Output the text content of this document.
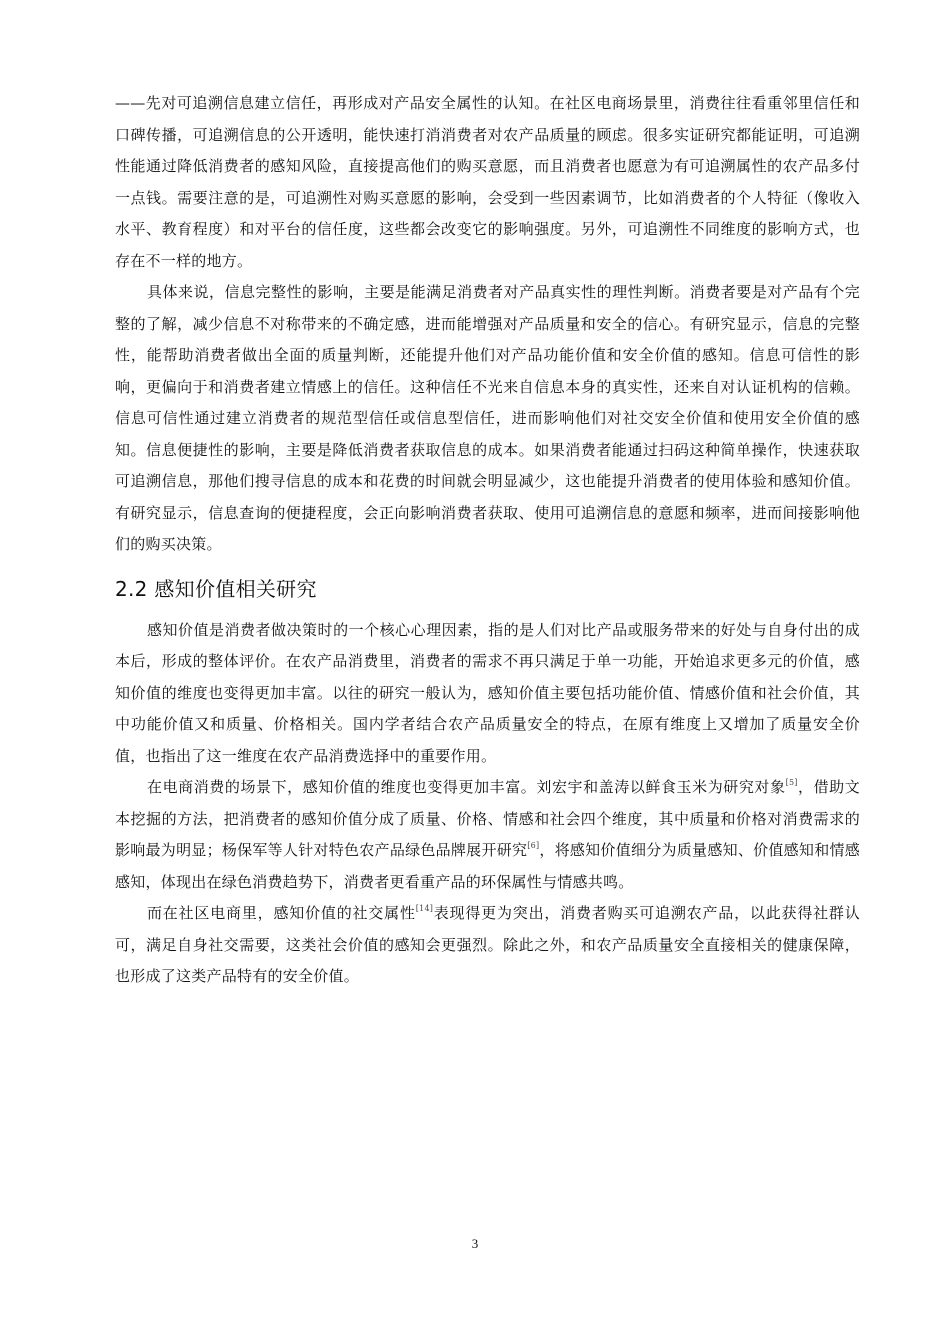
——先对可追溯信息建立信任，再形成对产品安全属性的认知。在社区电商场景里，消费往往看重邻里信任和口碑传播，可追溯信息的公开透明，能快速打消消费者对农产品质量的顾虑。很多实证研究都能证明，可追溯性能通过降低消费者的感知风险，直接提高他们的购买意愿，而且消费者也愿意为有可追溯属性的农产品多付一点钱。需要注意的是，可追溯性对购买意愿的影响，会受到一些因素调节，比如消费者的个人特征（像收入水平、教育程度）和对平台的信任度，这些都会改变它的影响强度。另外，可追溯性不同维度的影响方式，也存在不一样的地方。

具体来说，信息完整性的影响，主要是能满足消费者对产品真实性的理性判断。消费者要是对产品有个完整的了解，减少信息不对称带来的不确定感，进而能增强对产品质量和安全的信心。有研究显示，信息的完整性，能帮助消费者做出全面的质量判断，还能提升他们对产品功能价值和安全价值的感知。信息可信性的影响，更偏向于和消费者建立情感上的信任。这种信任不光来自信息本身的真实性，还来自对认证机构的信赖。信息可信性通过建立消费者的规范型信任或信息型信任，进而影响他们对社交安全价值和使用安全价值的感知。信息便捷性的影响，主要是降低消费者获取信息的成本。如果消费者能通过扫码这种简单操作，快速获取可追溯信息，那他们搜寻信息的成本和花费的时间就会明显减少，这也能提升消费者的使用体验和感知价值。有研究显示，信息查询的便捷程度，会正向影响消费者获取、使用可追溯信息的意愿和频率，进而间接影响他们的购买决策。

2.2 感知价值相关研究

感知价值是消费者做决策时的一个核心心理因素，指的是人们对比产品或服务带来的好处与自身付出的成本后，形成的整体评价。在农产品消费里，消费者的需求不再只满足于单一功能，开始追求更多元的价值，感知价值的维度也变得更加丰富。以往的研究一般认为，感知价值主要包括功能价值、情感价值和社会价值，其中功能价值又和质量、价格相关。国内学者结合农产品质量安全的特点，在原有维度上又增加了质量安全价值，也指出了这一维度在农产品消费选择中的重要作用。

在电商消费的场景下，感知价值的维度也变得更加丰富。刘宏宇和盖涛以鲜食玉米为研究对象[5]，借助文本挖掘的方法，把消费者的感知价值分成了质量、价格、情感和社会四个维度，其中质量和价格对消费需求的影响最为明显；杨保军等人针对特色农产品绿色品牌展开研究[6]，将感知价值细分为质量感知、价值感知和情感感知，体现出在绿色消费趋势下，消费者更看重产品的环保属性与情感共鸣。

而在社区电商里，感知价值的社交属性[14]表现得更为突出，消费者购买可追溯农产品，以此获得社群认可，满足自身社交需要，这类社会价值的感知会更强烈。除此之外，和农产品质量安全直接相关的健康保障，也形成了这类产品特有的安全价值。

3
